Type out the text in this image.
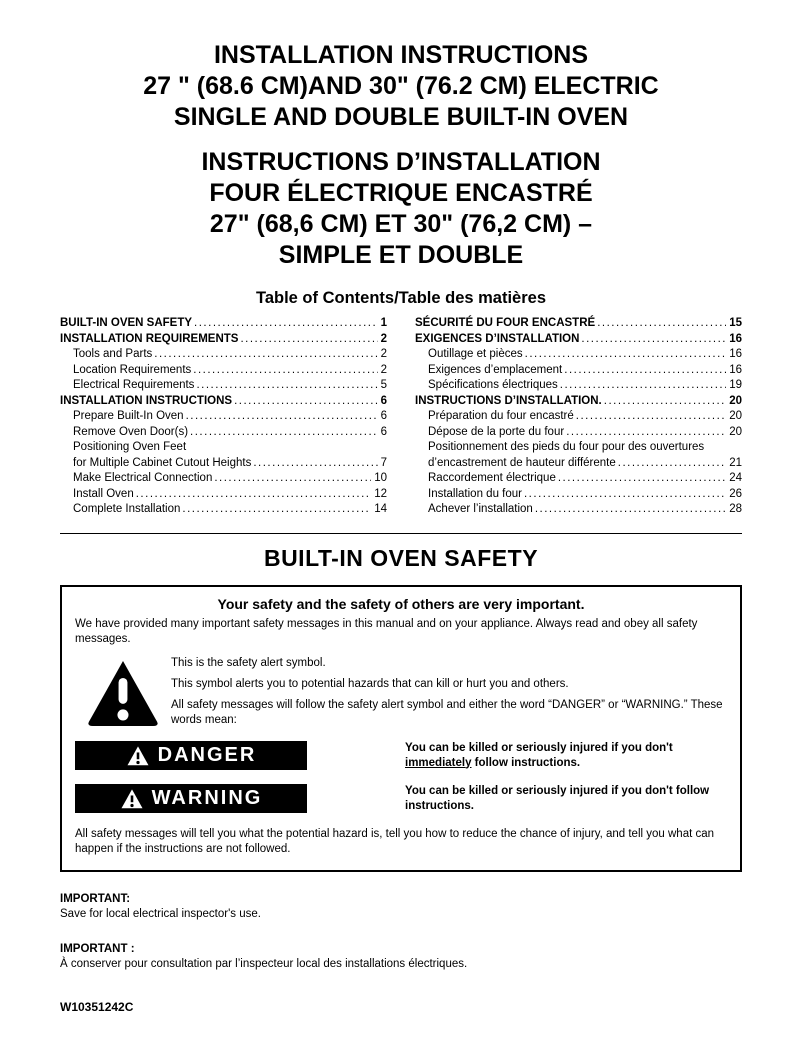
INSTALLATION INSTRUCTIONS
27 " (68.6 CM)AND 30" (76.2 CM) ELECTRIC
SINGLE AND DOUBLE BUILT-IN OVEN
INSTRUCTIONS D’INSTALLATION
FOUR ÉLECTRIQUE ENCASTRÉ
27" (68,6 CM) ET 30" (76,2 CM) –
SIMPLE ET DOUBLE
Table of Contents/Table des matières
BUILT-IN OVEN SAFETY .....	1
INSTALLATION REQUIREMENTS .....	2
Tools and Parts .....	2
Location Requirements .....	2
Electrical Requirements .....	5
INSTALLATION INSTRUCTIONS .....	6
Prepare Built-In Oven .....	6
Remove Oven Door(s) .....	6
Positioning Oven Feet
for Multiple Cabinet Cutout Heights .....	7
Make Electrical Connection .....	10
Install Oven .....	12
Complete Installation .....	14
SÉCURITÉ DU FOUR ENCASTRÉ .....	15
EXIGENCES D’INSTALLATION .....	16
Outillage et pièces .....	16
Exigences d’emplacement .....	16
Spécifications électriques .....	19
INSTRUCTIONS D’INSTALLATION. .....	20
Préparation du four encastré .....	20
Dépose de la porte du four .....	20
Positionnement des pieds du four pour des ouvertures
d’encastrement de hauteur différente .....	21
Raccordement électrique .....	24
Installation du four .....	26
Achever l’installation .....	28
BUILT-IN OVEN SAFETY
Your safety and the safety of others are very important.
We have provided many important safety messages in this manual and on your appliance. Always read and obey all safety messages.

This is the safety alert symbol.

This symbol alerts you to potential hazards that can kill or hurt you and others.

All safety messages will follow the safety alert symbol and either the word “DANGER” or “WARNING.” These words mean:

DANGER	You can be killed or seriously injured if you don't immediately follow instructions.
WARNING	You can be killed or seriously injured if you don't follow instructions.
All safety messages will tell you what the potential hazard is, tell you how to reduce the chance of injury, and tell you what can happen if the instructions are not followed.
IMPORTANT:
Save for local electrical inspector's use.
IMPORTANT :
À conserver pour consultation par l’inspecteur local des installations électriques.
W10351242C
